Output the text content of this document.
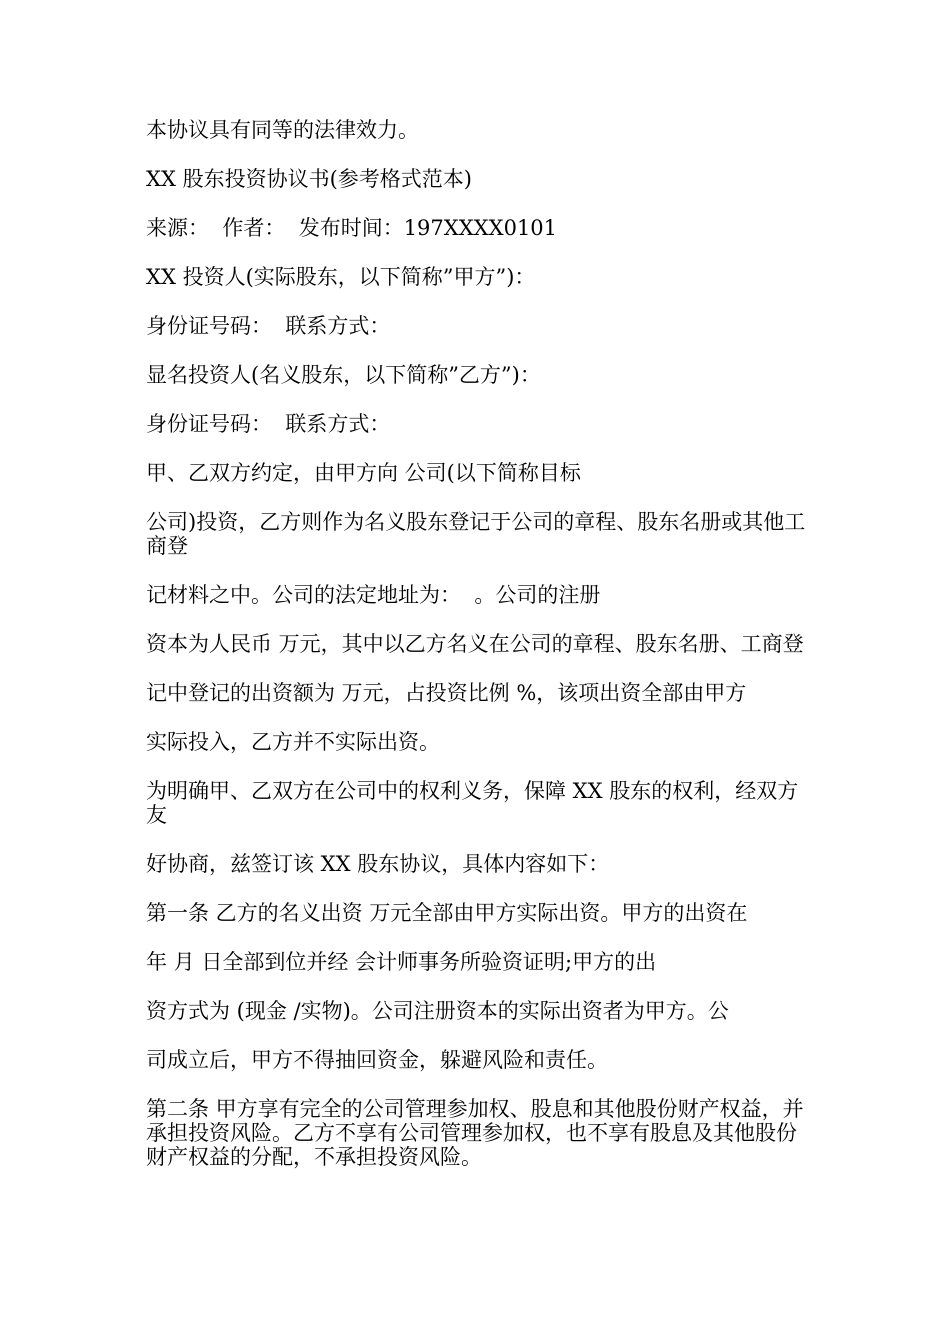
本协议具有同等的法律效力。

XX 股东投资协议书(参考格式范本)

来源：  作者：  发布时间：197XXXX0101

XX 投资人(实际股东，以下简称”甲方”)：

身份证号码：  联系方式：

显名投资人(名义股东，以下简称”乙方”)：

身份证号码：  联系方式：

甲、乙双方约定，由甲方向 公司(以下简称目标

公司)投资，乙方则作为名义股东登记于公司的章程、股东名册或其他工商登

记材料之中。公司的法定地址为：  。公司的注册

资本为人民币 万元，其中以乙方名义在公司的章程、股东名册、工商登

记中登记的出资额为 万元，占投资比例 %，该项出资全部由甲方

实际投入，乙方并不实际出资。

为明确甲、乙双方在公司中的权利义务，保障 XX 股东的权利，经双方友

好协商，兹签订该 XX 股东协议，具体内容如下：

第一条 乙方的名义出资 万元全部由甲方实际出资。甲方的出资在

年 月 日全部到位并经 会计师事务所验资证明;甲方的出

资方式为 (现金 /实物)。公司注册资本的实际出资者为甲方。公

司成立后，甲方不得抽回资金，躲避风险和责任。

第二条 甲方享有完全的公司管理参加权、股息和其他股份财产权益，并承担投资风险。乙方不享有公司管理参加权，也不享有股息及其他股份财产权益的分配，不承担投资风险。
